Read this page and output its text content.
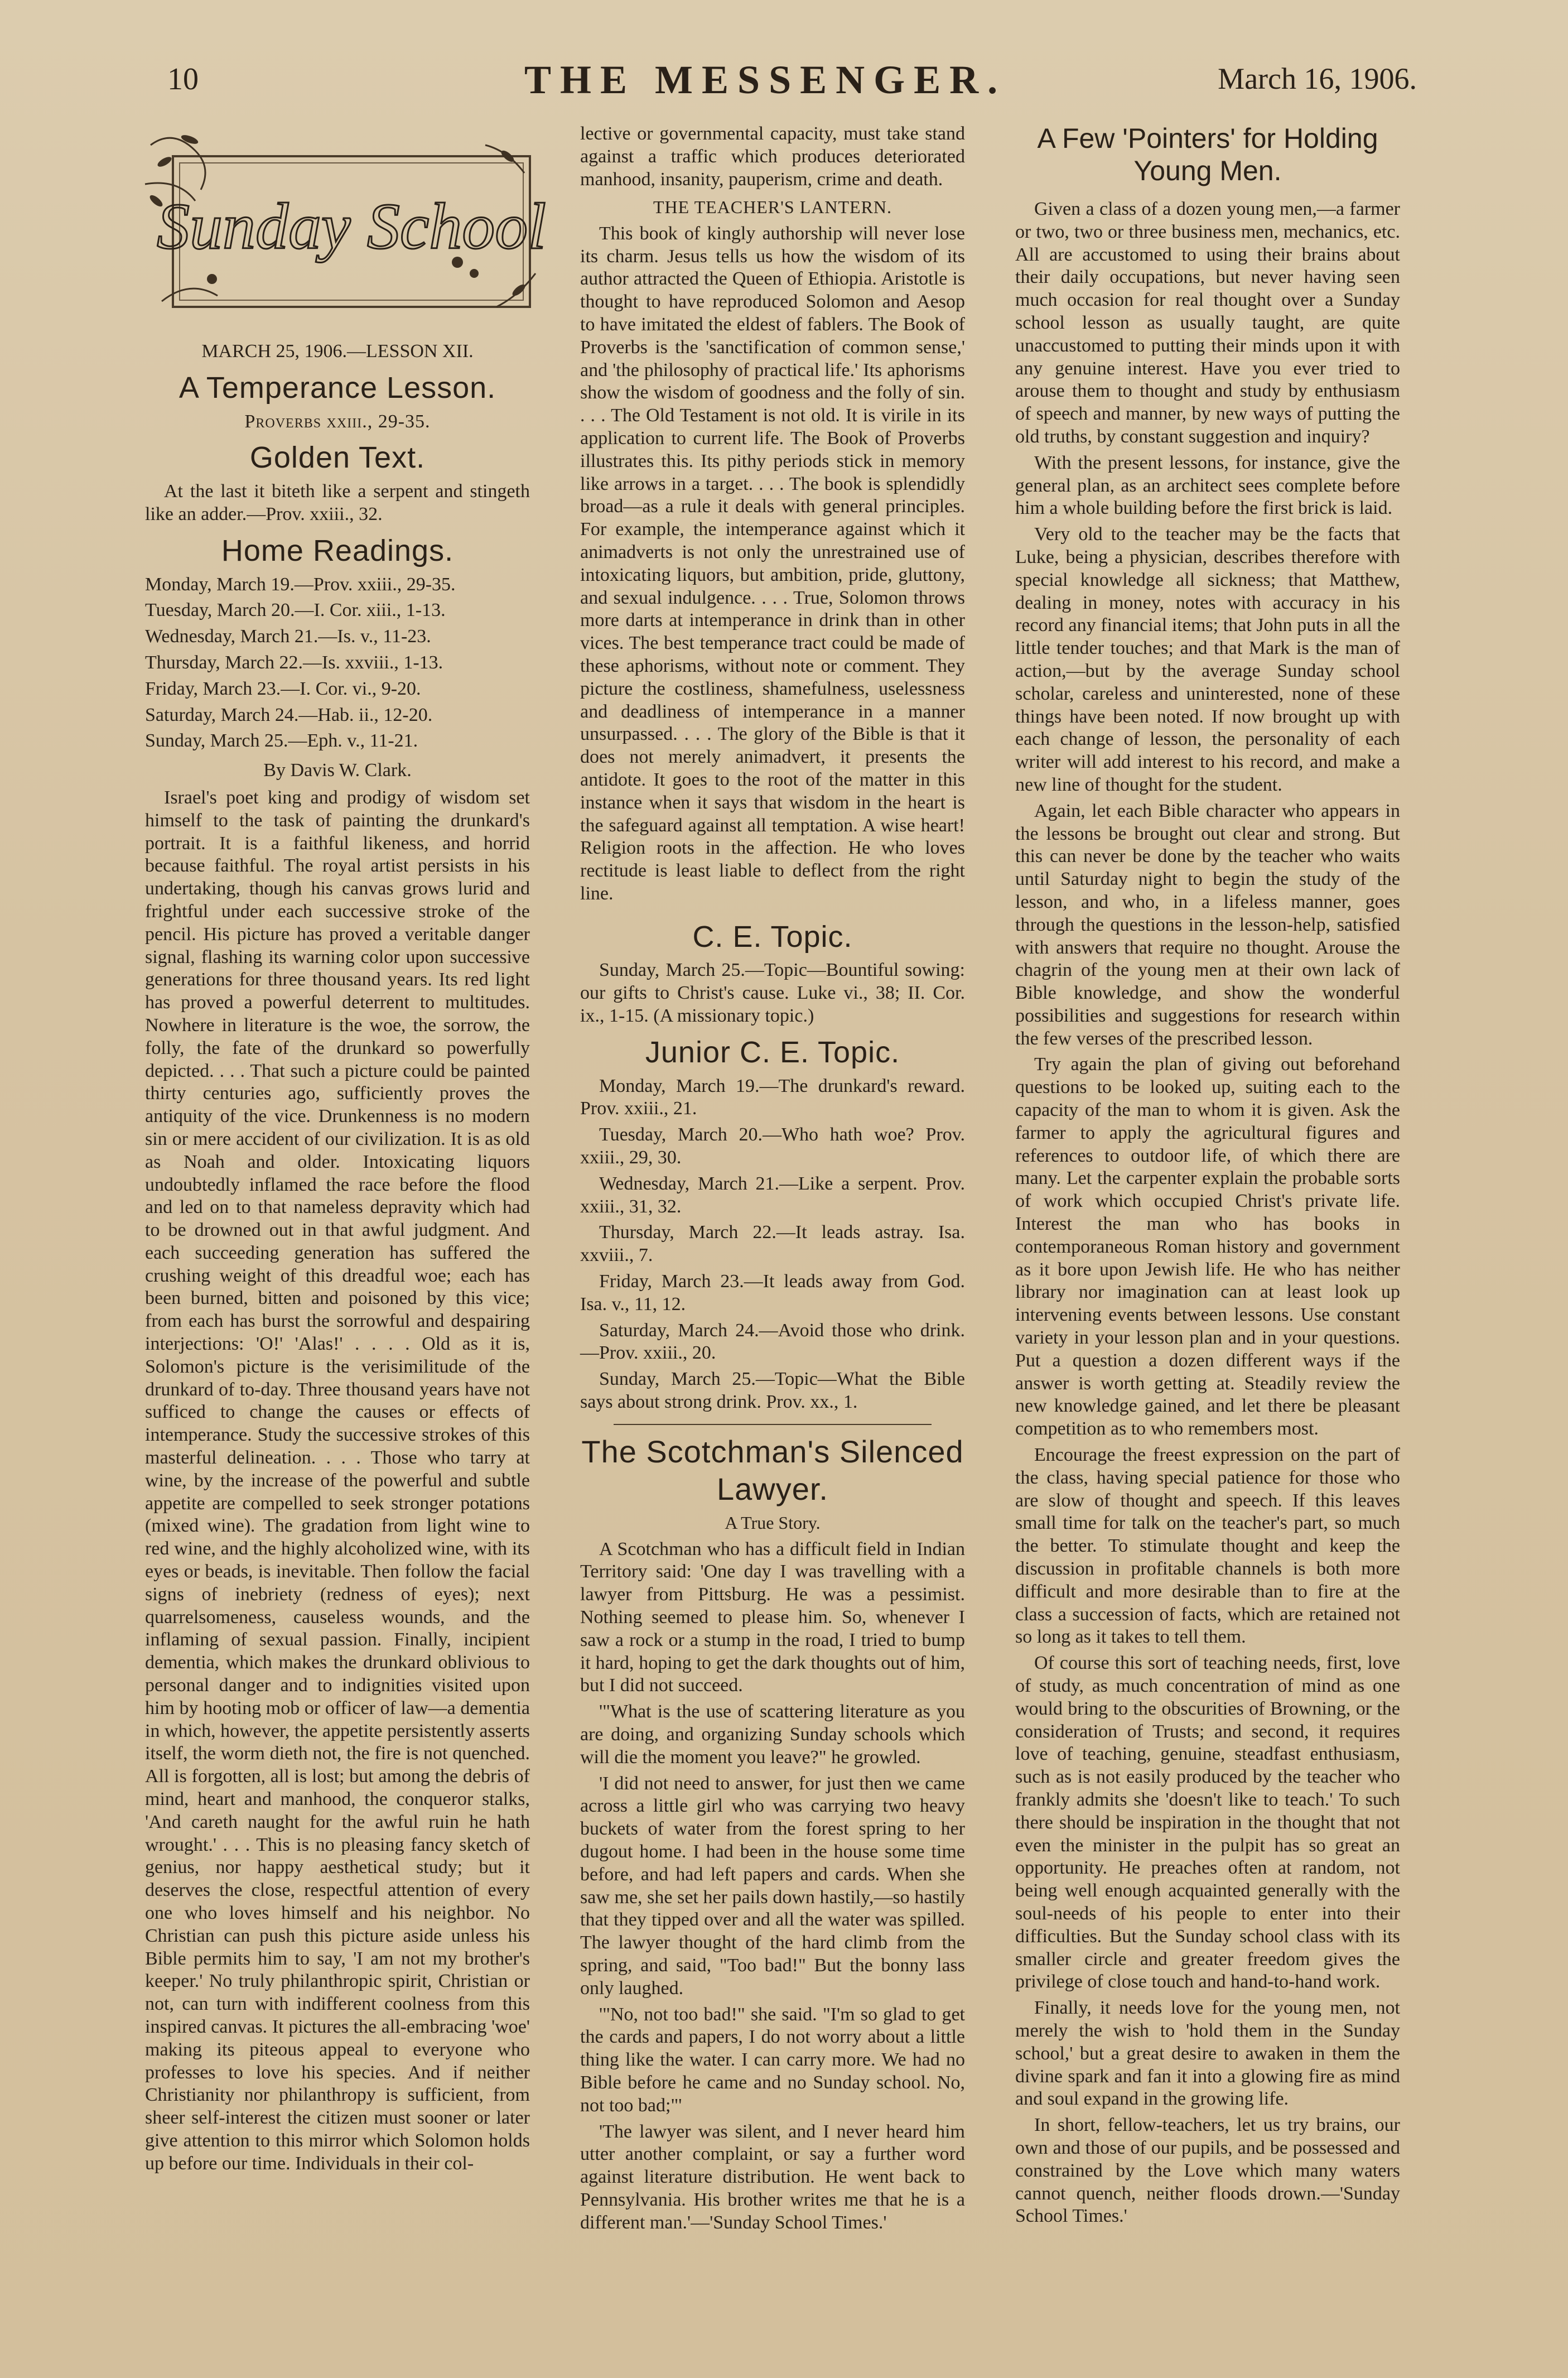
10	THE MESSENGER.	March 16, 1906.
Sunday School
MARCH 25, 1906.—LESSON XII.
A Temperance Lesson.
Proverbs xxiii., 29-35.
Golden Text.

At the last it biteth like a serpent and stingeth like an adder.—Prov. xxiii., 32.

Home Readings.
Monday, March 19.—Prov. xxiii., 29-35.
Tuesday, March 20.—I. Cor. xiii., 1-13.
Wednesday, March 21.—Is. v., 11-23.
Thursday, March 22.—Is. xxviii., 1-13.
Friday, March 23.—I. Cor. vi., 9-20.
Saturday, March 24.—Hab. ii., 12-20.
Sunday, March 25.—Eph. v., 11-21.
By Davis W. Clark.

Israel's poet king and prodigy of wisdom set himself to the task of painting the drunkard's portrait. It is a faithful likeness, and horrid because faithful. The royal artist persists in his undertaking, though his canvas grows lurid and frightful under each successive stroke of the pencil. His picture has proved a veritable danger signal, flashing its warning color upon successive generations for three thousand years. Its red light has proved a powerful deterrent to multitudes. Nowhere in literature is the woe, the sorrow, the folly, the fate of the drunkard so powerfully depicted. . . . That such a picture could be painted thirty centuries ago, sufficiently proves the antiquity of the vice. Drunkenness is no modern sin or mere accident of our civilization. It is as old as Noah and older. Intoxicating liquors undoubtedly inflamed the race before the flood and led on to that nameless depravity which had to be drowned out in that awful judgment. And each succeeding generation has suffered the crushing weight of this dreadful woe; each has been burned, bitten and poisoned by this vice; from each has burst the sorrowful and despairing interjections: 'O!' 'Alas!' . . . . Old as it is, Solomon's picture is the verisimilitude of the drunkard of to-day. Three thousand years have not sufficed to change the causes or effects of intemperance. Study the successive strokes of this masterful delineation. . . . Those who tarry at wine, by the increase of the powerful and subtle appetite are compelled to seek stronger potations (mixed wine). The gradation from light wine to red wine, and the highly alcoholized wine, with its eyes or beads, is inevitable. Then follow the facial signs of inebriety (redness of eyes); next quarrelsomeness, causeless wounds, and the inflaming of sexual passion. Finally, incipient dementia, which makes the drunkard oblivious to personal danger and to indignities visited upon him by hooting mob or officer of law—a dementia in which, however, the appetite persistently asserts itself, the worm dieth not, the fire is not quenched. All is forgotten, all is lost; but among the debris of mind, heart and manhood, the conqueror stalks, 'And careth naught for the awful ruin he hath wrought.' . . . This is no pleasing fancy sketch of genius, nor happy aesthetical study; but it deserves the close, respectful attention of every one who loves himself and his neighbor. No Christian can push this picture aside unless his Bible permits him to say, 'I am not my brother's keeper.' No truly philanthropic spirit, Christian or not, can turn with indifferent coolness from this inspired canvas. It pictures the all-embracing 'woe' making its piteous appeal to everyone who professes to love his species. And if neither Christianity nor philanthropy is sufficient, from sheer self-interest the citizen must sooner or later give attention to this mirror which Solomon holds up before our time. Individuals in their col-

lective or governmental capacity, must take stand against a traffic which produces deteriorated manhood, insanity, pauperism, crime and death.

THE TEACHER'S LANTERN.

This book of kingly authorship will never lose its charm. Jesus tells us how the wisdom of its author attracted the Queen of Ethiopia. Aristotle is thought to have reproduced Solomon and Aesop to have imitated the eldest of fablers. The Book of Proverbs is the 'sanctification of common sense,' and 'the philosophy of practical life.' Its aphorisms show the wisdom of goodness and the folly of sin. . . . The Old Testament is not old. It is virile in its application to current life. The Book of Proverbs illustrates this. Its pithy periods stick in memory like arrows in a target. . . . The book is splendidly broad—as a rule it deals with general principles. For example, the intemperance against which it animadverts is not only the unrestrained use of intoxicating liquors, but ambition, pride, gluttony, and sexual indulgence. . . . True, Solomon throws more darts at intemperance in drink than in other vices. The best temperance tract could be made of these aphorisms, without note or comment. They picture the costliness, shamefulness, uselessness and deadliness of intemperance in a manner unsurpassed. . . . The glory of the Bible is that it does not merely animadvert, it presents the antidote. It goes to the root of the matter in this instance when it says that wisdom in the heart is the safeguard against all temptation. A wise heart! Religion roots in the affection. He who loves rectitude is least liable to deflect from the right line.

C. E. Topic.

Sunday, March 25.—Topic—Bountiful sowing: our gifts to Christ's cause. Luke vi., 38; II. Cor. ix., 1-15. (A missionary topic.)

Junior C. E. Topic.

Monday, March 19.—The drunkard's reward. Prov. xxiii., 21.

Tuesday, March 20.—Who hath woe? Prov. xxiii., 29, 30.

Wednesday, March 21.—Like a serpent. Prov. xxiii., 31, 32.

Thursday, March 22.—It leads astray. Isa. xxviii., 7.

Friday, March 23.—It leads away from God. Isa. v., 11, 12.

Saturday, March 24.—Avoid those who drink.—Prov. xxiii., 20.

Sunday, March 25.—Topic—What the Bible says about strong drink. Prov. xx., 1.

The Scotchman's Silenced Lawyer.
A True Story.

A Scotchman who has a difficult field in Indian Territory said: 'One day I was travelling with a lawyer from Pittsburg. He was a pessimist. Nothing seemed to please him. So, whenever I saw a rock or a stump in the road, I tried to bump it hard, hoping to get the dark thoughts out of him, but I did not succeed.

'"What is the use of scattering literature as you are doing, and organizing Sunday schools which will die the moment you leave?" he growled.

'I did not need to answer, for just then we came across a little girl who was carrying two heavy buckets of water from the forest spring to her dugout home. I had been in the house some time before, and had left papers and cards. When she saw me, she set her pails down hastily,—so hastily that they tipped over and all the water was spilled. The lawyer thought of the hard climb from the spring, and said, "Too bad!" But the bonny lass only laughed.

'"No, not too bad!" she said. "I'm so glad to get the cards and papers, I do not worry about a little thing like the water. I can carry more. We had no Bible before he came and no Sunday school. No, not too bad;"'

'The lawyer was silent, and I never heard him utter another complaint, or say a further word against literature distribution. He went back to Pennsylvania. His brother writes me that he is a different man.'—'Sunday School Times.'

A Few 'Pointers' for Holding Young Men.

Given a class of a dozen young men,—a farmer or two, two or three business men, mechanics, etc. All are accustomed to using their brains about their daily occupations, but never having seen much occasion for real thought over a Sunday school lesson as usually taught, are quite unaccustomed to putting their minds upon it with any genuine interest. Have you ever tried to arouse them to thought and study by enthusiasm of speech and manner, by new ways of putting the old truths, by constant suggestion and inquiry?

With the present lessons, for instance, give the general plan, as an architect sees complete before him a whole building before the first brick is laid.

Very old to the teacher may be the facts that Luke, being a physician, describes therefore with special knowledge all sickness; that Matthew, dealing in money, notes with accuracy in his record any financial items; that John puts in all the little tender touches; and that Mark is the man of action,—but by the average Sunday school scholar, careless and uninterested, none of these things have been noted. If now brought up with each change of lesson, the personality of each writer will add interest to his record, and make a new line of thought for the student.

Again, let each Bible character who appears in the lessons be brought out clear and strong. But this can never be done by the teacher who waits until Saturday night to begin the study of the lesson, and who, in a lifeless manner, goes through the questions in the lesson-help, satisfied with answers that require no thought. Arouse the chagrin of the young men at their own lack of Bible knowledge, and show the wonderful possibilities and suggestions for research within the few verses of the prescribed lesson.

Try again the plan of giving out beforehand questions to be looked up, suiting each to the capacity of the man to whom it is given. Ask the farmer to apply the agricultural figures and references to outdoor life, of which there are many. Let the carpenter explain the probable sorts of work which occupied Christ's private life. Interest the man who has books in contemporaneous Roman history and government as it bore upon Jewish life. He who has neither library nor imagination can at least look up intervening events between lessons. Use constant variety in your lesson plan and in your questions. Put a question a dozen different ways if the answer is worth getting at. Steadily review the new knowledge gained, and let there be pleasant competition as to who remembers most.

Encourage the freest expression on the part of the class, having special patience for those who are slow of thought and speech. If this leaves small time for talk on the teacher's part, so much the better. To stimulate thought and keep the discussion in profitable channels is both more difficult and more desirable than to fire at the class a succession of facts, which are retained not so long as it takes to tell them.

Of course this sort of teaching needs, first, love of study, as much concentration of mind as one would bring to the obscurities of Browning, or the consideration of Trusts; and second, it requires love of teaching, genuine, steadfast enthusiasm, such as is not easily produced by the teacher who frankly admits she 'doesn't like to teach.' To such there should be inspiration in the thought that not even the minister in the pulpit has so great an opportunity. He preaches often at random, not being well enough acquainted generally with the soul-needs of his people to enter into their difficulties. But the Sunday school class with its smaller circle and greater freedom gives the privilege of close touch and hand-to-hand work.

Finally, it needs love for the young men, not merely the wish to 'hold them in the Sunday school,' but a great desire to awaken in them the divine spark and fan it into a glowing fire as mind and soul expand in the growing life.

In short, fellow-teachers, let us try brains, our own and those of our pupils, and be possessed and constrained by the Love which many waters cannot quench, neither floods drown.—'Sunday School Times.'
